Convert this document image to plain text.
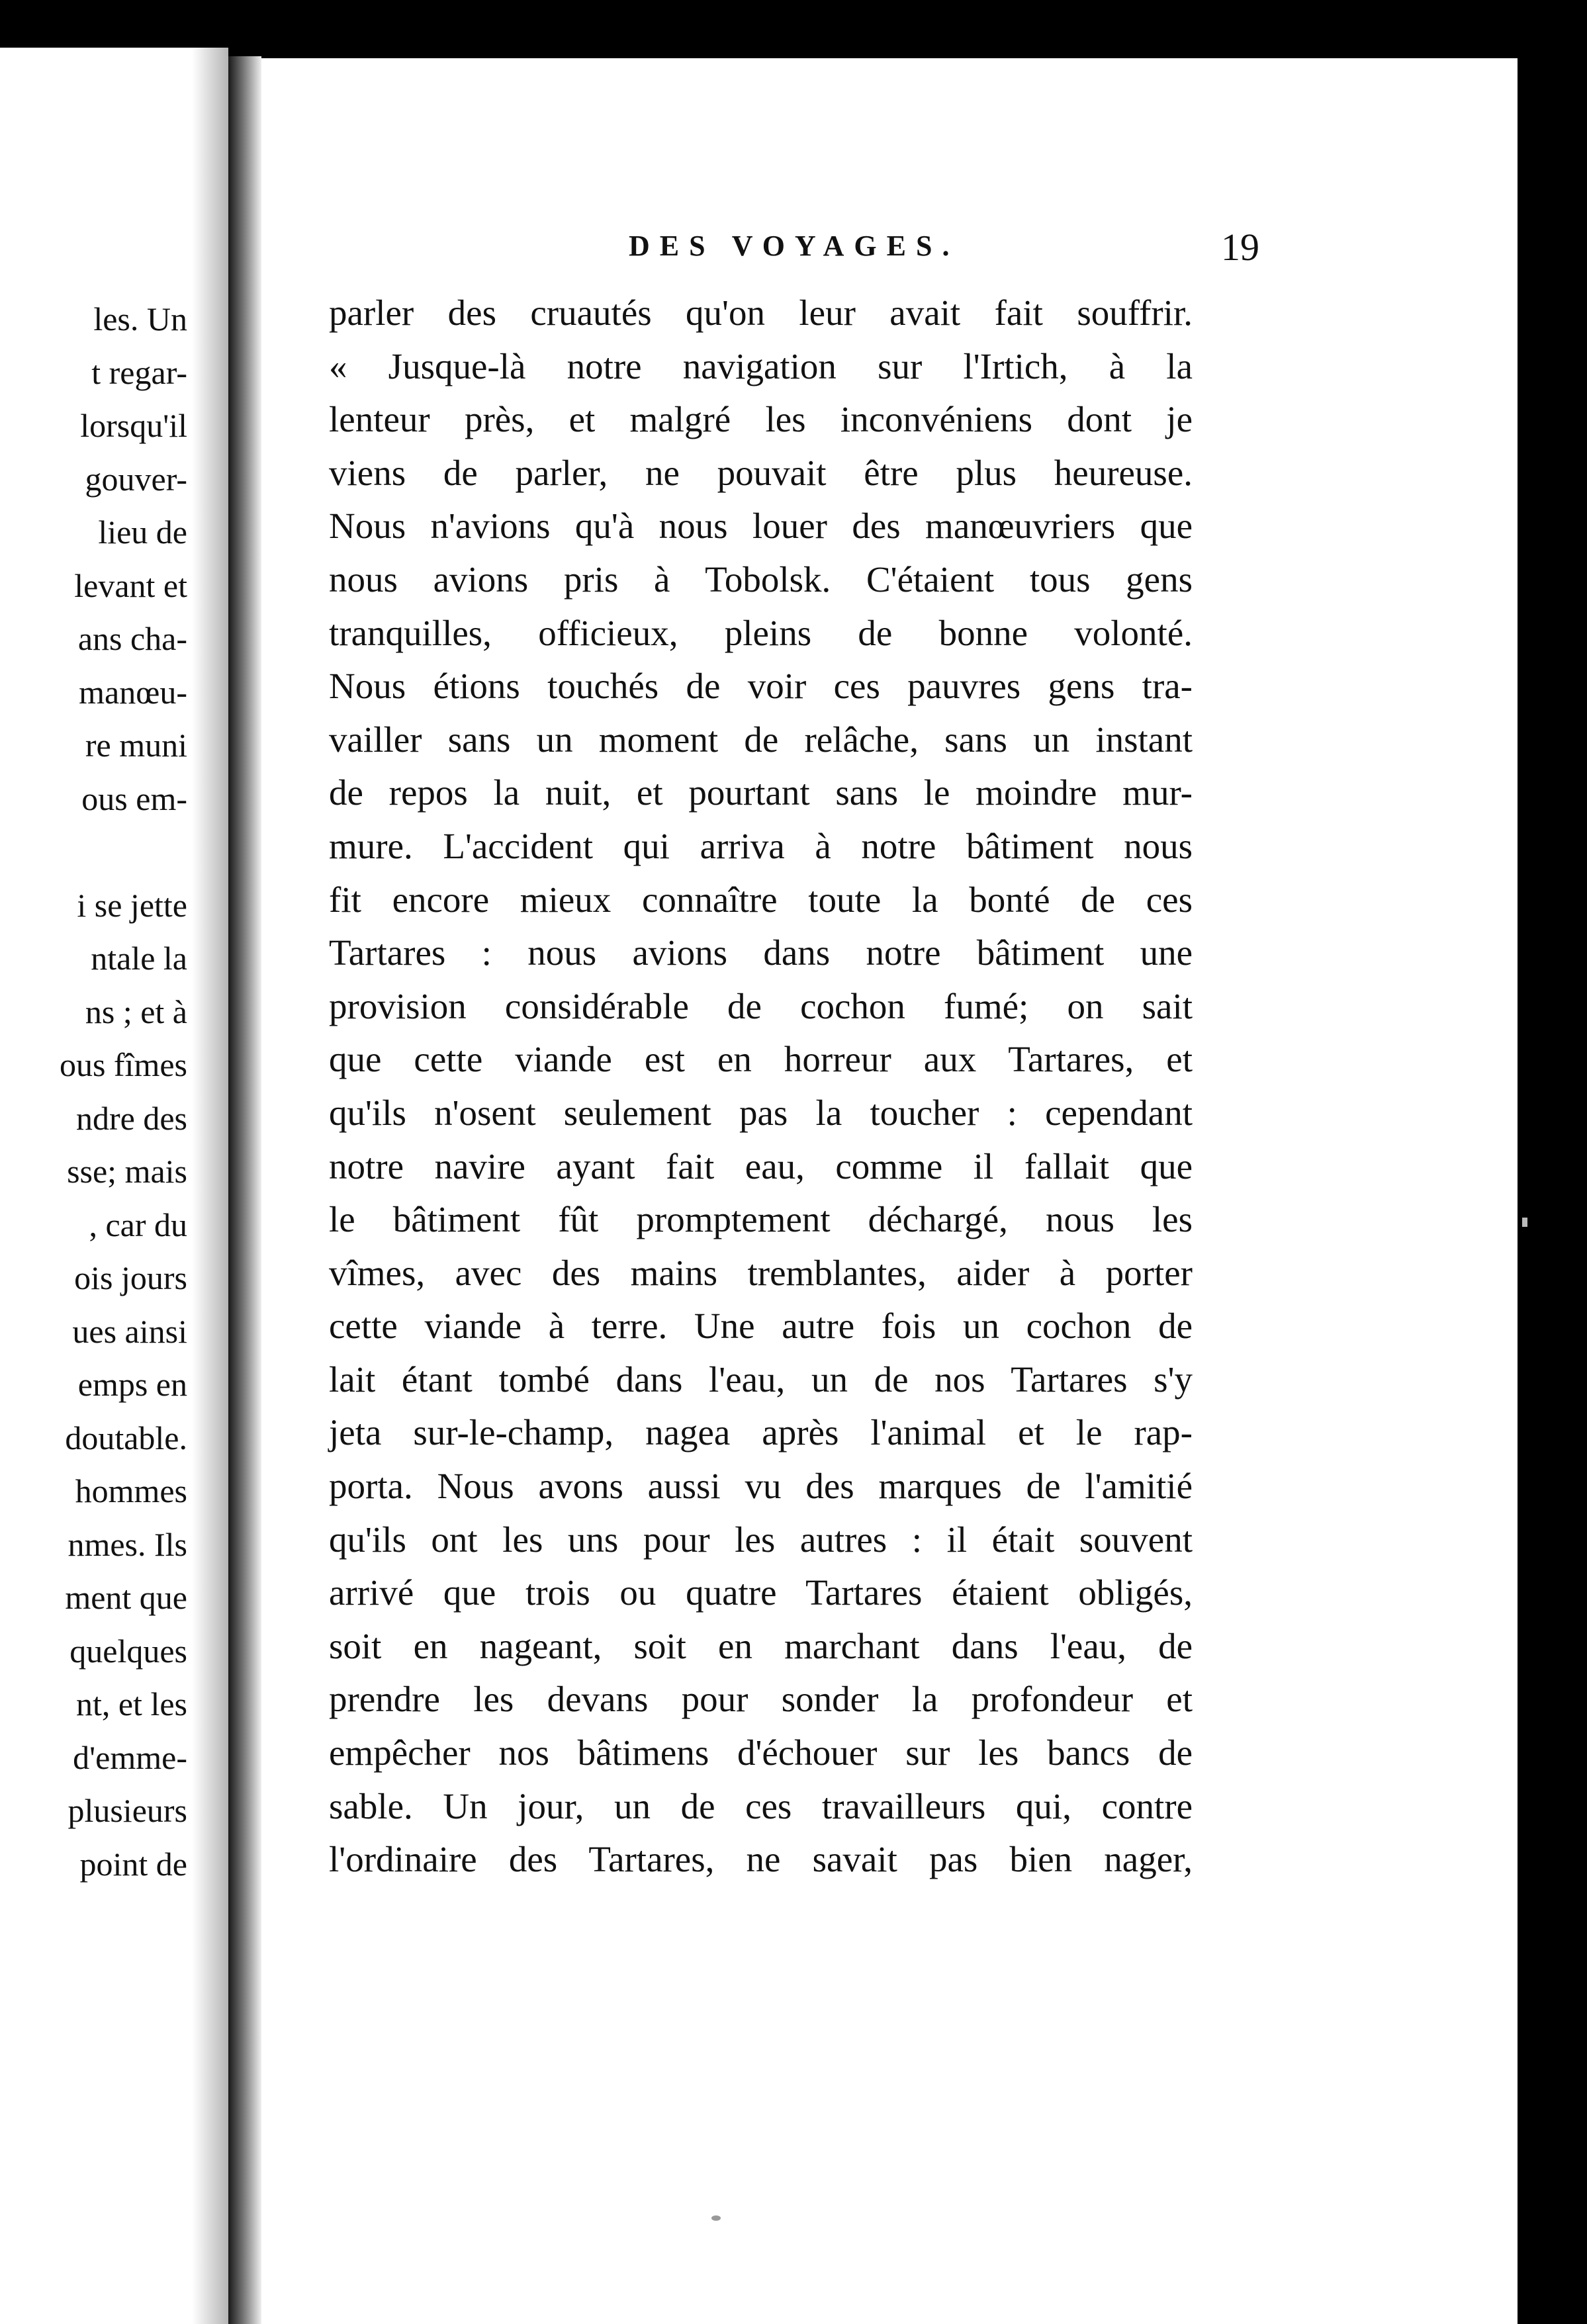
les. Un
t regar-
lorsqu'il
gouver-
lieu de
levant et
ans cha-
manœu-
re muni
ous em-
i se jette
ntale la
ns ; et à
ous fîmes
ndre des
sse; mais
, car du
ois jours
ues ainsi
emps en
doutable.
hommes
nmes. Ils
ment que
quelques
nt, et les
d'emme-
plusieurs
point de

DES VOYAGES.	19

parler des cruautés qu'on leur avait fait souffrir.
« Jusque-là notre navigation sur l'Irtich, à la
lenteur près, et malgré les inconvéniens dont je
viens de parler, ne pouvait être plus heureuse.
Nous n'avions qu'à nous louer des manœuvriers que
nous avions pris à Tobolsk. C'étaient tous gens
tranquilles, officieux, pleins de bonne volonté.
Nous étions touchés de voir ces pauvres gens tra-
vailler sans un moment de relâche, sans un instant
de repos la nuit, et pourtant sans le moindre mur-
mure. L'accident qui arriva à notre bâtiment nous
fit encore mieux connaître toute la bonté de ces
Tartares : nous avions dans notre bâtiment une
provision considérable de cochon fumé; on sait
que cette viande est en horreur aux Tartares, et
qu'ils n'osent seulement pas la toucher : cependant
notre navire ayant fait eau, comme il fallait que
le bâtiment fût promptement déchargé, nous les
vîmes, avec des mains tremblantes, aider à porter
cette viande à terre. Une autre fois un cochon de
lait étant tombé dans l'eau, un de nos Tartares s'y
jeta sur-le-champ, nagea après l'animal et le rap-
porta. Nous avons aussi vu des marques de l'amitié
qu'ils ont les uns pour les autres : il était souvent
arrivé que trois ou quatre Tartares étaient obligés,
soit en nageant, soit en marchant dans l'eau, de
prendre les devans pour sonder la profondeur et
empêcher nos bâtimens d'échouer sur les bancs de
sable. Un jour, un de ces travailleurs qui, contre
l'ordinaire des Tartares, ne savait pas bien nager,
